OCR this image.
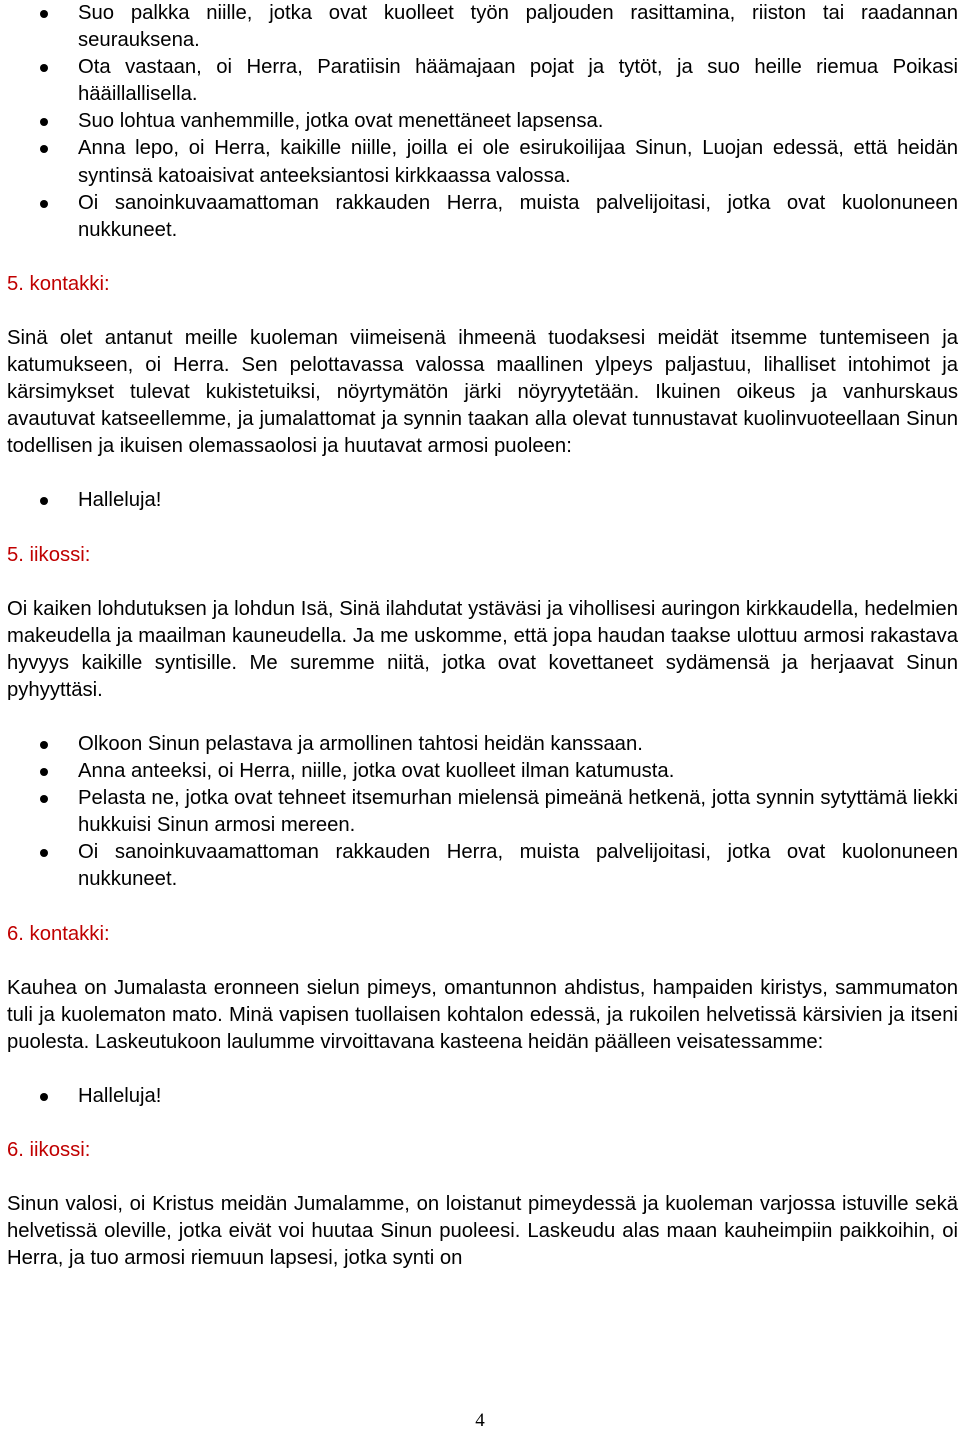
Suo palkka niille, jotka ovat kuolleet työn paljouden rasittamina, riiston tai raadannan seurauksena.
Ota vastaan, oi Herra, Paratiisin häämajaan pojat ja tytöt, ja suo heille riemua Poikasi hääillallisella.
Suo lohtua vanhemmille, jotka ovat menettäneet lapsensa.
Anna lepo, oi Herra, kaikille niille, joilla ei ole esirukoilijaa Sinun, Luojan edessä, että heidän syntinsä katoaisivat anteeksiantosi kirkkaassa valossa.
Oi sanoinkuvaamattoman rakkauden Herra, muista palvelijoitasi, jotka ovat kuolonuneen nukkuneet.

5. kontakki:

Sinä olet antanut meille kuoleman viimeisenä ihmeenä tuodaksesi meidät itsemme tuntemiseen ja katumukseen, oi Herra. Sen pelottavassa valossa maallinen ylpeys paljastuu, lihalliset intohimot ja kärsimykset tulevat kukistetuiksi, nöyrtymätön järki nöyryytetään. Ikuinen oikeus ja vanhurskaus avautuvat katseellemme, ja jumalattomat ja synnin taakan alla olevat tunnustavat kuolinvuoteellaan Sinun todellisen ja ikuisen olemassaolosi ja huutavat armosi puoleen:

Halleluja!

5. iikossi:

Oi kaiken lohdutuksen ja lohdun Isä, Sinä ilahdutat ystäväsi ja vihollisesi auringon kirkkaudella, hedelmien makeudella ja maailman kauneudella. Ja me uskomme, että jopa haudan taakse ulottuu armosi rakastava hyvyys kaikille syntisille. Me suremme niitä, jotka ovat kovettaneet sydämensä ja herjaavat Sinun pyhyyttäsi.

Olkoon Sinun pelastava ja armollinen tahtosi heidän kanssaan.
Anna anteeksi, oi Herra, niille, jotka ovat kuolleet ilman katumusta.
Pelasta ne, jotka ovat tehneet itsemurhan mielensä pimeänä hetkenä, jotta synnin sytyttämä liekki hukkuisi Sinun armosi mereen.
Oi sanoinkuvaamattoman rakkauden Herra, muista palvelijoitasi, jotka ovat kuolonuneen nukkuneet.

6. kontakki:

Kauhea on Jumalasta eronneen sielun pimeys, omantunnon ahdistus, hampaiden kiristys, sammumaton tuli ja kuolematon mato. Minä vapisen tuollaisen kohtalon edessä, ja rukoilen helvetissä kärsivien ja itseni puolesta. Laskeutukoon laulumme virvoittavana kasteena heidän päälleen veisatessamme:

Halleluja!

6. iikossi:

Sinun valosi, oi Kristus meidän Jumalamme, on loistanut pimeydessä ja kuoleman varjossa istuville sekä helvetissä oleville, jotka eivät voi huutaa Sinun puoleesi. Laskeudu alas maan kauheimpiin paikkoihin, oi Herra, ja tuo armosi riemuun lapsesi, jotka synti on

4
